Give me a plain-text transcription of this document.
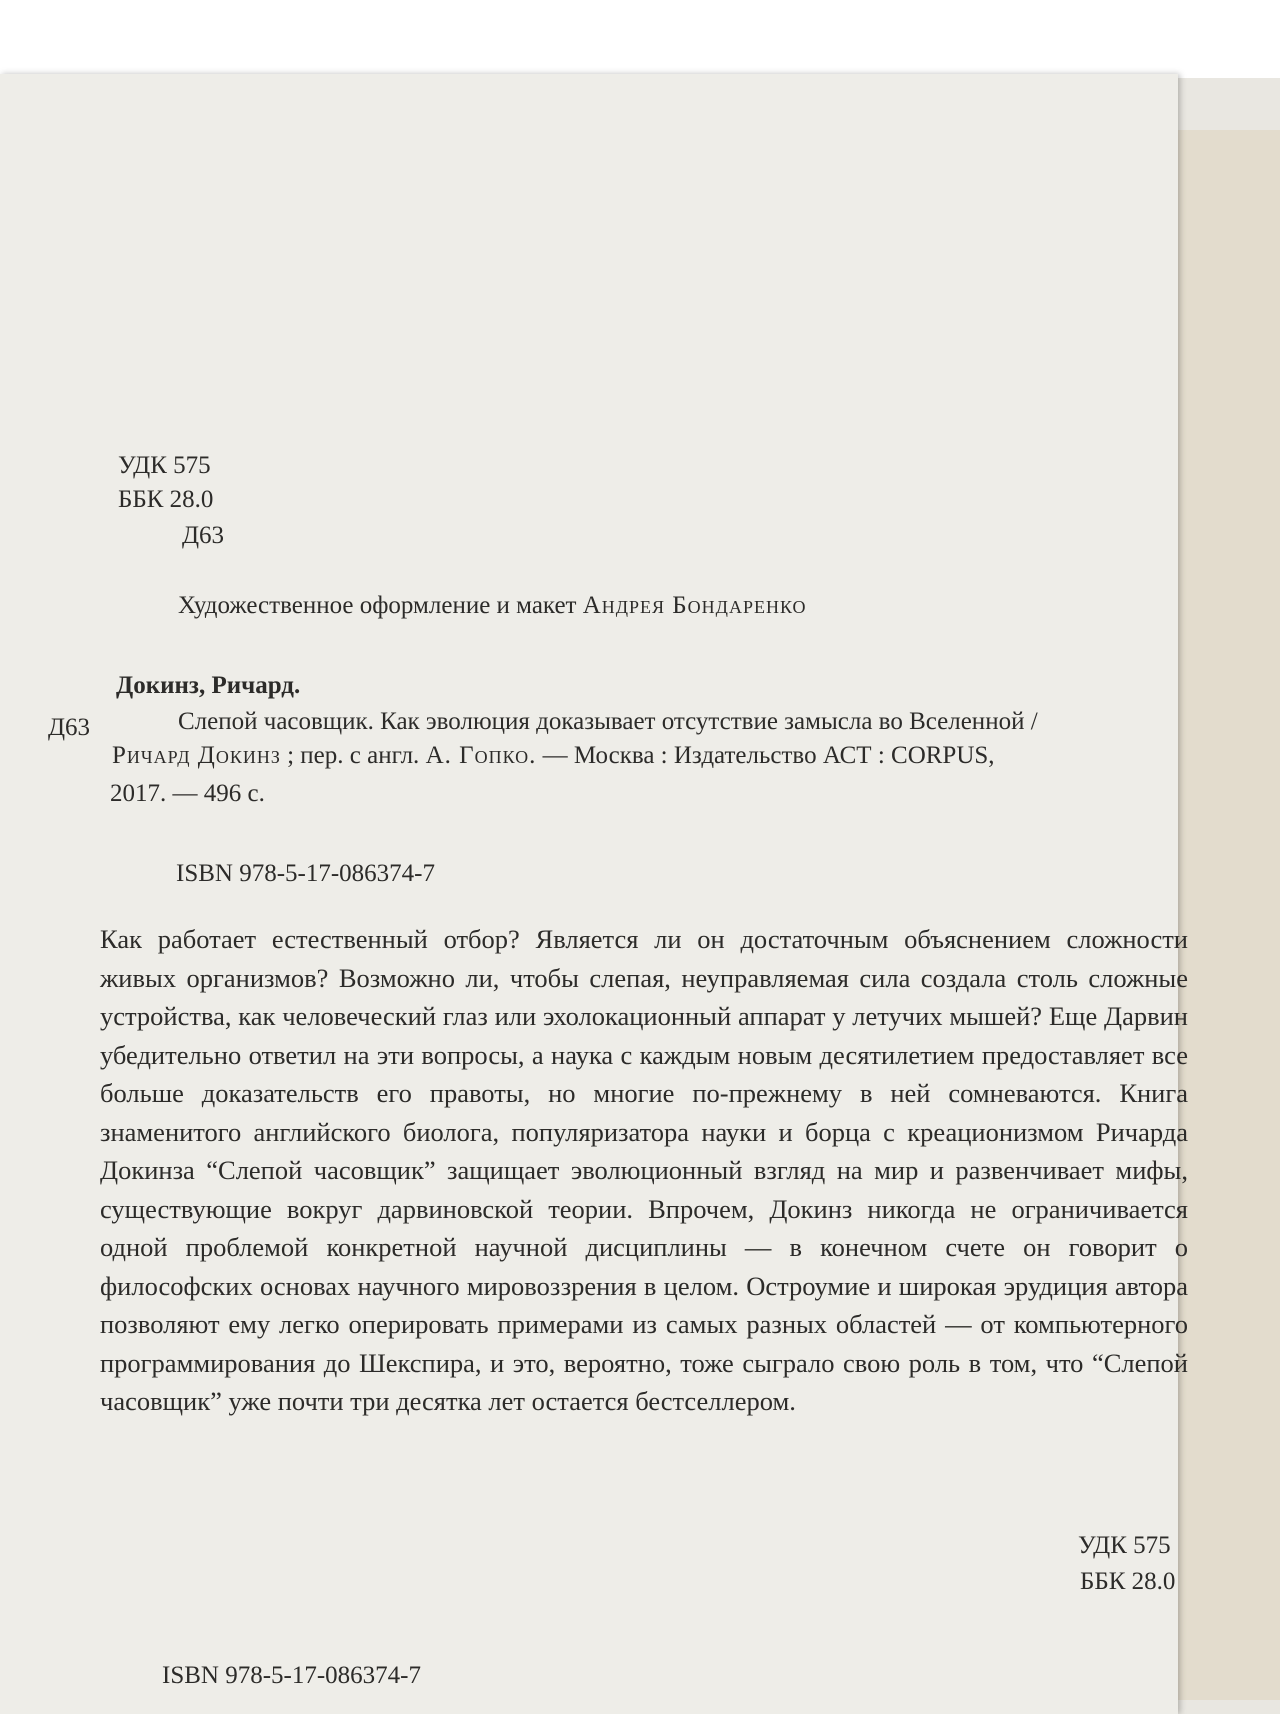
УДК 575
ББК 28.0
Д63
Художественное оформление и макет Андрея Бондаренко
Докинз, Ричард.
Д63	Слепой часовщик. Как эволюция доказывает отсутствие замысла во Вселенной /
Ричард Докинз ; пер. с англ. А. Гопко. — Москва : Издательство АСТ : CORPUS,
2017. — 496 с.
ISBN 978-5-17-086374-7
Как работает естественный отбор? Является ли он достаточным объяснением сложности живых организмов? Возможно ли, чтобы слепая, неуправляемая сила создала столь сложные устройства, как человеческий глаз или эхолокационный аппарат у летучих мышей? Еще Дарвин убедительно ответил на эти вопросы, а наука с каждым новым десятилетием предоставляет все больше доказательств его правоты, но многие по-прежнему в ней сомневаются. Книга знаменитого английского биолога, популяризатора науки и борца с креационизмом Ричарда Докинза “Слепой часовщик” защищает эволюционный взгляд на мир и развенчивает мифы, существующие вокруг дарвиновской теории. Впрочем, Докинз никогда не ограничивается одной проблемой конкретной научной дисциплины — в конечном счете он говорит о философских основах научного мировоззрения в целом. Остроумие и широкая эрудиция автора позволяют ему легко оперировать примерами из самых разных областей — от компьютерного программирования до Шекспира, и это, вероятно, тоже сыграло свою роль в том, что “Слепой часовщик” уже почти три десятка лет остается бестселлером.
УДК 575
ББК 28.0
ISBN 978-5-17-086374-7
